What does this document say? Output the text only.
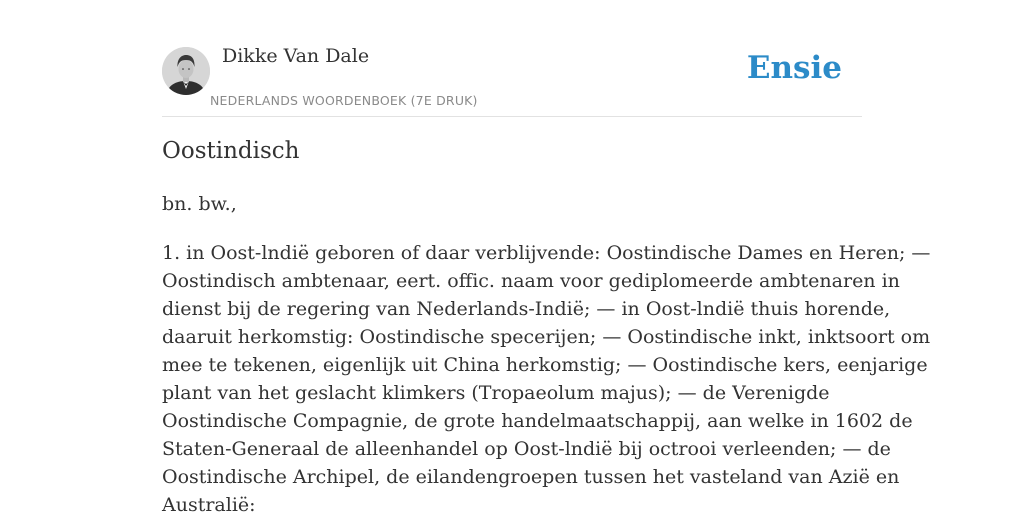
Dikke Van Dale
NEDERLANDS WOORDENBOEK (7E DRUK)
Ensie
Oostindisch

bn. bw.,

1. in Oost-lndië geboren of daar verblijvende: Oostindische Dames en Heren; —
Oostindisch ambtenaar, eert. offic. naam voor gediplomeerde ambtenaren in
dienst bij de regering van Nederlands-Indië; — in Oost-lndië thuis horende,
daaruit herkomstig: Oostindische specerijen; — Oostindische inkt, inktsoort om
mee te tekenen, eigenlijk uit China herkomstig; — Oostindische kers, eenjarige
plant van het geslacht klimkers (Tropaeolum majus); — de Verenigde
Oostindische Compagnie, de grote handelmaatschappij, aan welke in 1602 de
Staten-Generaal de alleenhandel op Oost-lndië bij octrooi verleenden; — de
Oostindische Archipel, de eilandengroepen tussen het vasteland van Azië en
Australië:
